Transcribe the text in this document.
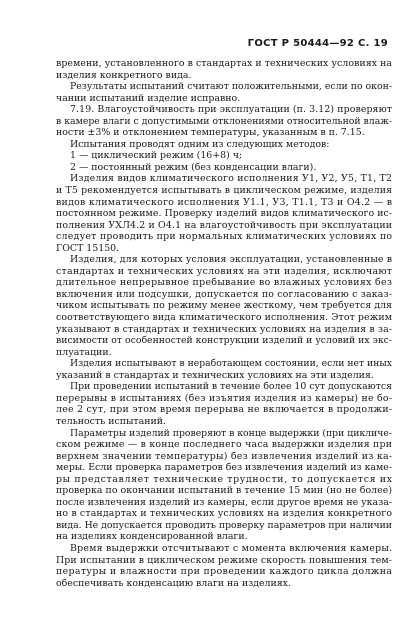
ГОСТ Р 50444—92 С. 19
времени, установленного в стандартах и технических условиях на
изделия конкретного вида.
Результаты испытаний считают положительными, если по окон-
чании испытаний изделие исправно.
7.19. Влагоустойчивость при эксплуатации (п. 3.12) проверяют
в камере влаги с допустимыми отклонениями относительной влаж-
ности ±3% и отклонением температуры, указанным в п. 7.15.
Испытания проводят одним из следующих методов:
1 — циклический режим (16+8) ч;
2 — постоянный режим (без конденсации влаги).
Изделия видов климатического исполнения У1, У2, У5, Т1, Т2
и Т5 рекомендуется испытывать в циклическом режиме, изделия
видов климатического исполнения У1.1, У3, Т1.1, Т3 и О4.2 — в
постоянном режиме. Проверку изделий видов климатического ис-
полнения УХЛ4.2 и О4.1 на влагоустойчивость при эксплуатации
следует проводить при нормальных климатических условиях по
ГОСТ 15150.
Изделия, для которых условия эксплуатации, установленные в
стандартах и технических условиях на эти изделия, исключают
длительное непрерывное пребывание во влажных условиях без
включения или подсушки, допускается по согласованию с заказ-
чиком испытывать по режиму менее жесткому, чем требуется для
соответствующего вида климатического исполнения. Этот режим
указывают в стандартах и технических условиях на изделия в за-
висимости от особенностей конструкции изделий и условий их экс-
плуатации.
Изделия испытывают в неработающем состоянии, если нет иных
указаний в стандартах и технических условиях на эти изделия.
При проведении испытаний в течение более 10 сут допускаются
перерывы в испытаниях (без изъятия изделия из камеры) не бо-
лее 2 сут, при этом время перерыва не включается в продолжи-
тельность испытаний.
Параметры изделий проверяют в конце выдержки (при цикличе-
ском режиме — в конце последнего часа выдержки изделия при
верхнем значении температуры) без извлечения изделий из ка-
меры. Если проверка параметров без извлечения изделий из каме-
ры представляет технические трудности, то допускается их
проверка по окончании испытаний в течение 15 мин (но не более)
после извлечения изделий из камеры, если другое время не указа-
но в стандартах и технических условиях на изделия конкретного
вида. Не допускается проводить проверку параметров при наличии
на изделиях конденсированной влаги.
Время выдержки отсчитывают с момента включения камеры.
При испытании в циклическом режиме скорость повышения тем-
пературы и влажности при проведении каждого цикла должна
обеспечивать конденсацию влаги на изделиях.
